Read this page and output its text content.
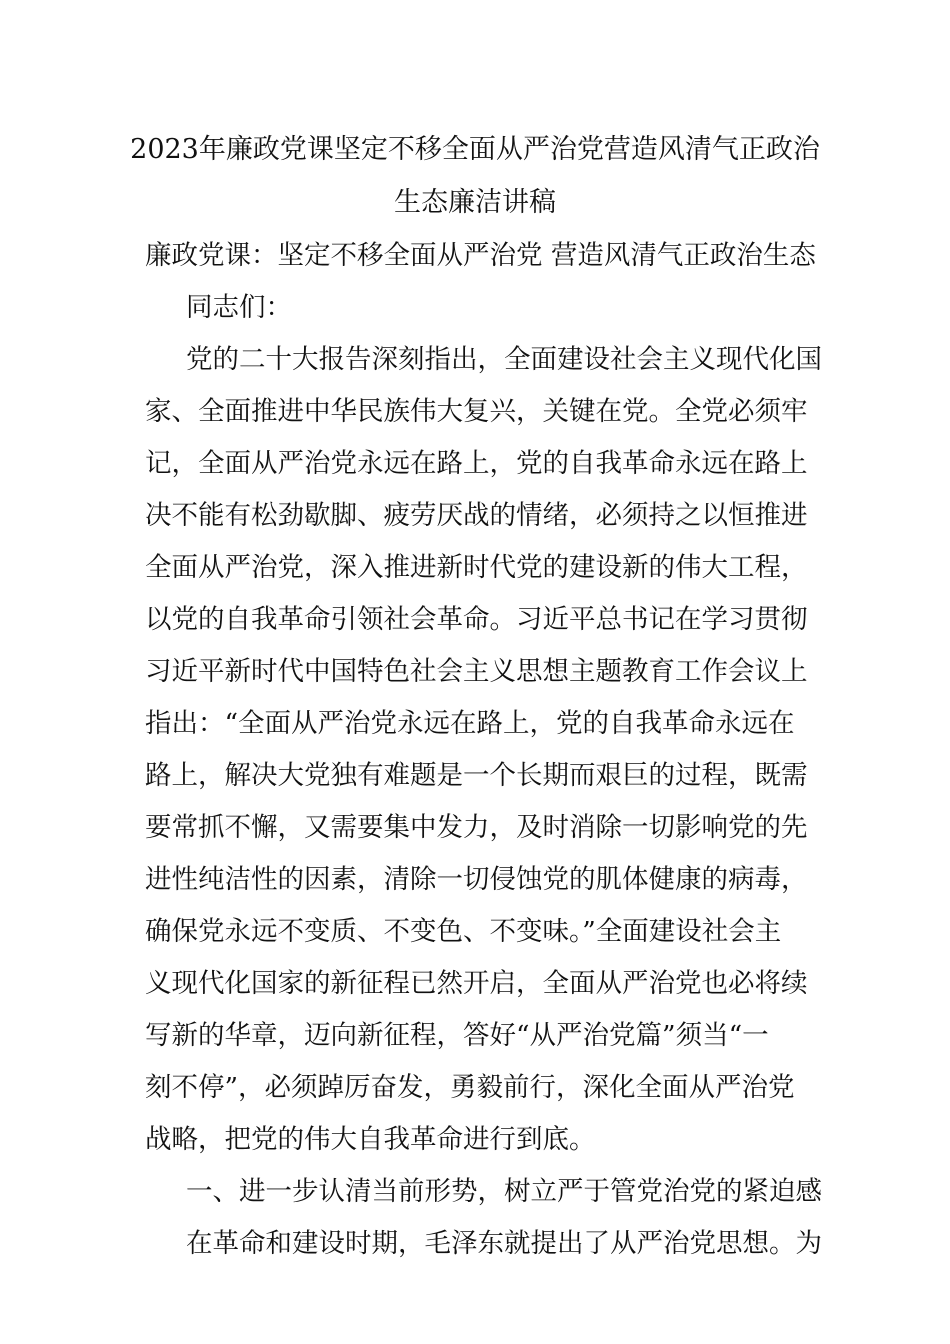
2023年廉政党课坚定不移全面从严治党营造风清气正政治
生态廉洁讲稿
廉政党课：坚定不移全面从严治党 营造风清气正政治生态
同志们：
党的二十大报告深刻指出，全面建设社会主义现代化国
家、全面推进中华民族伟大复兴，关键在党。全党必须牢
记，全面从严治党永远在路上，党的自我革命永远在路上
决不能有松劲歇脚、疲劳厌战的情绪，必须持之以恒推进
全面从严治党，深入推进新时代党的建设新的伟大工程，
以党的自我革命引领社会革命。习近平总书记在学习贯彻
习近平新时代中国特色社会主义思想主题教育工作会议上
指出：“全面从严治党永远在路上，党的自我革命永远在
路上，解决大党独有难题是一个长期而艰巨的过程，既需
要常抓不懈，又需要集中发力，及时消除一切影响党的先
进性纯洁性的因素，清除一切侵蚀党的肌体健康的病毒，
确保党永远不变质、不变色、不变味。”全面建设社会主
义现代化国家的新征程已然开启，全面从严治党也必将续
写新的华章，迈向新征程，答好“从严治党篇”须当“一
刻不停”，必须踔厉奋发，勇毅前行，深化全面从严治党
战略，把党的伟大自我革命进行到底。
一、进一步认清当前形势，树立严于管党治党的紧迫感
在革命和建设时期，毛泽东就提出了从严治党思想。为
